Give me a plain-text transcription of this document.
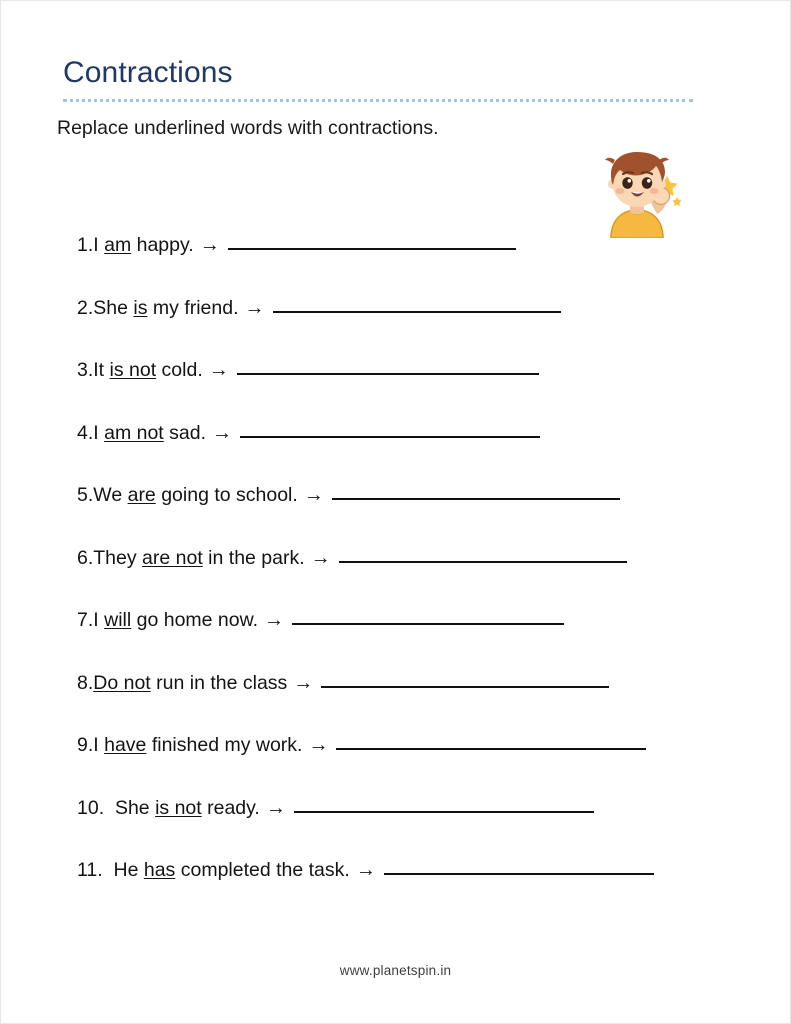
Contractions
Replace underlined words with contractions.
1. I am happy. →
2. She is my friend. →
3. It is not cold. →
4. I am not sad. →
5. We are going to school. →
6. They are not in the park. →
7. I will go home now. →
8. Do not run in the class →
9. I have finished my work. →
10. She is not ready. →
11. He has completed the task. →
www.planetspin.in
